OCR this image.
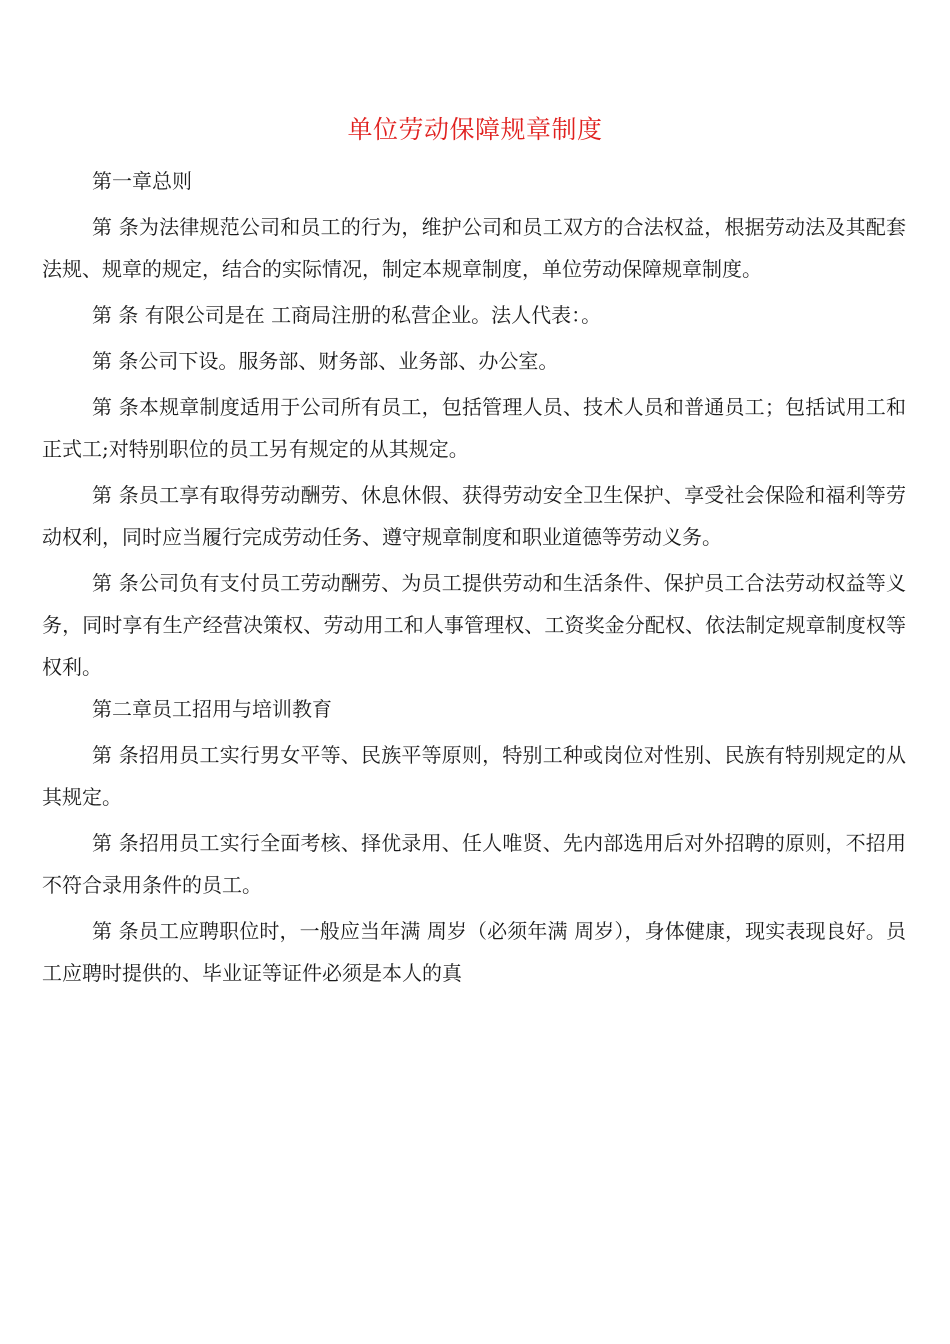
单位劳动保障规章制度

第一章总则

第 条为法律规范公司和员工的行为，维护公司和员工双方的合法权益，根据劳动法及其配套法规、规章的规定，结合的实际情况，制定本规章制度，单位劳动保障规章制度。

第 条 有限公司是在 工商局注册的私营企业。法人代表：。

第 条公司下设。服务部、财务部、业务部、办公室。

第 条本规章制度适用于公司所有员工，包括管理人员、技术人员和普通员工；包括试用工和正式工;对特别职位的员工另有规定的从其规定。

第 条员工享有取得劳动酬劳、休息休假、获得劳动安全卫生保护、享受社会保险和福利等劳动权利，同时应当履行完成劳动任务、遵守规章制度和职业道德等劳动义务。

第 条公司负有支付员工劳动酬劳、为员工提供劳动和生活条件、保护员工合法劳动权益等义务，同时享有生产经营决策权、劳动用工和人事管理权、工资奖金分配权、依法制定规章制度权等权利。

第二章员工招用与培训教育

第 条招用员工实行男女平等、民族平等原则，特别工种或岗位对性别、民族有特别规定的从其规定。

第 条招用员工实行全面考核、择优录用、任人唯贤、先内部选用后对外招聘的原则，不招用不符合录用条件的员工。

第 条员工应聘职位时，一般应当年满 周岁（必须年满 周岁），身体健康，现实表现良好。员工应聘时提供的、毕业证等证件必须是本人的真
